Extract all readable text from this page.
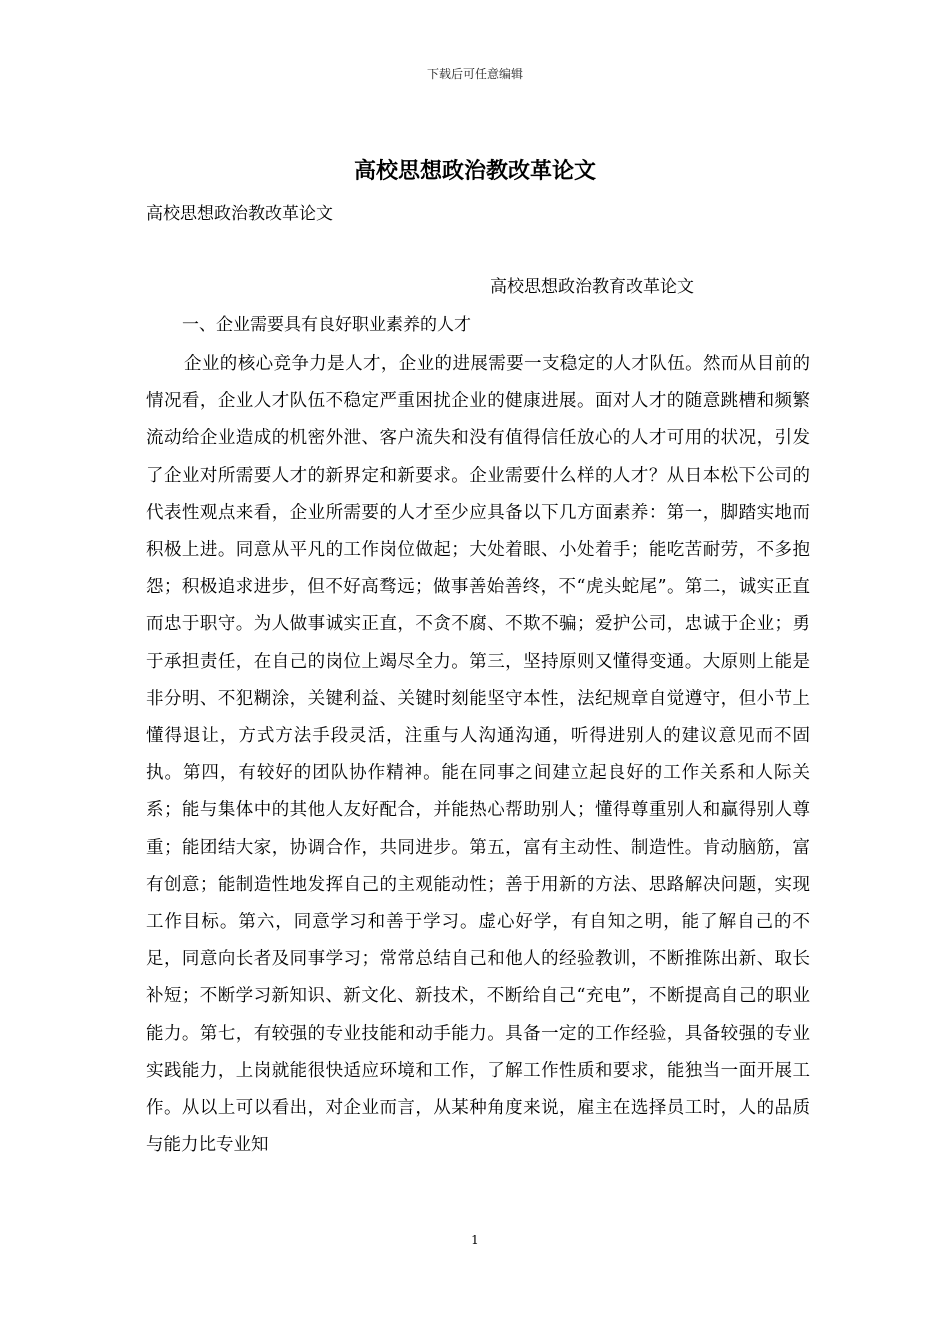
下载后可任意编辑
高校思想政治教改革论文
高校思想政治教改革论文
高校思想政治教育改革论文
一、企业需要具有良好职业素养的人才

企业的核心竞争力是人才，企业的进展需要一支稳定的人才队伍。然而从目前的情况看，企业人才队伍不稳定严重困扰企业的健康进展。面对人才的随意跳槽和频繁流动给企业造成的机密外泄、客户流失和没有值得信任放心的人才可用的状况，引发了企业对所需要人才的新界定和新要求。企业需要什么样的人才？从日本松下公司的代表性观点来看，企业所需要的人才至少应具备以下几方面素养：第一，脚踏实地而积极上进。同意从平凡的工作岗位做起；大处着眼、小处着手；能吃苦耐劳，不多抱怨；积极追求进步，但不好高骛远；做事善始善终，不“虎头蛇尾”。第二，诚实正直而忠于职守。为人做事诚实正直，不贪不腐、不欺不骗；爱护公司，忠诚于企业；勇于承担责任，在自己的岗位上竭尽全力。第三，坚持原则又懂得变通。大原则上能是非分明、不犯糊涂，关键利益、关键时刻能坚守本性，法纪规章自觉遵守，但小节上懂得退让，方式方法手段灵活，注重与人沟通沟通，听得进别人的建议意见而不固执。第四，有较好的团队协作精神。能在同事之间建立起良好的工作关系和人际关系；能与集体中的其他人友好配合，并能热心帮助别人；懂得尊重别人和赢得别人尊重；能团结大家，协调合作，共同进步。第五，富有主动性、制造性。肯动脑筋，富有创意；能制造性地发挥自己的主观能动性；善于用新的方法、思路解决问题，实现工作目标。第六，同意学习和善于学习。虚心好学，有自知之明，能了解自己的不足，同意向长者及同事学习；常常总结自己和他人的经验教训，不断推陈出新、取长补短；不断学习新知识、新文化、新技术，不断给自己“充电”，不断提高自己的职业能力。第七，有较强的专业技能和动手能力。具备一定的工作经验，具备较强的专业实践能力，上岗就能很快适应环境和工作，了解工作性质和要求，能独当一面开展工作。从以上可以看出，对企业而言，从某种角度来说，雇主在选择员工时，人的品质与能力比专业知

1
